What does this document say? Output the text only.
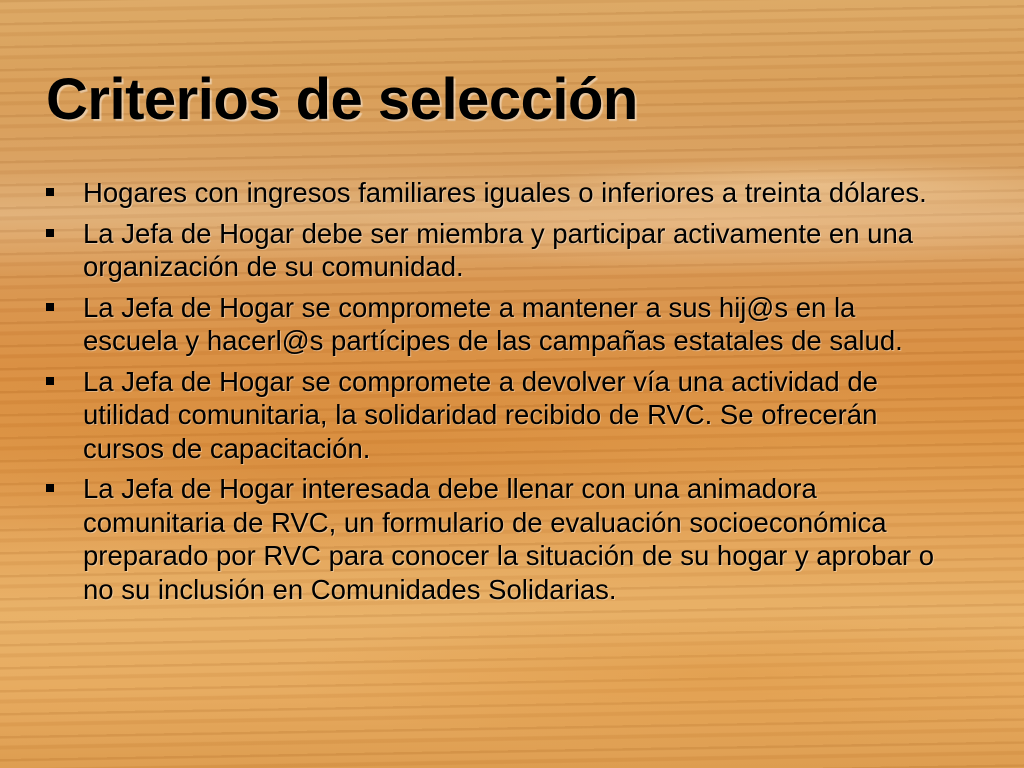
Criterios de selección
Hogares con ingresos familiares iguales o inferiores a treinta dólares.
La Jefa de Hogar debe ser miembra y participar activamente en una organización de su comunidad.
La Jefa de Hogar se compromete a mantener a sus hij@s en la escuela y hacerl@s partícipes de las campañas estatales de salud.
La Jefa de Hogar se compromete a devolver vía una actividad de utilidad comunitaria, la solidaridad recibido de RVC. Se ofrecerán cursos de capacitación.
La Jefa de Hogar interesada debe llenar con una animadora comunitaria de RVC, un formulario de evaluación socioeconómica preparado por RVC para conocer la situación de su hogar y aprobar o no su inclusión en Comunidades Solidarias.
